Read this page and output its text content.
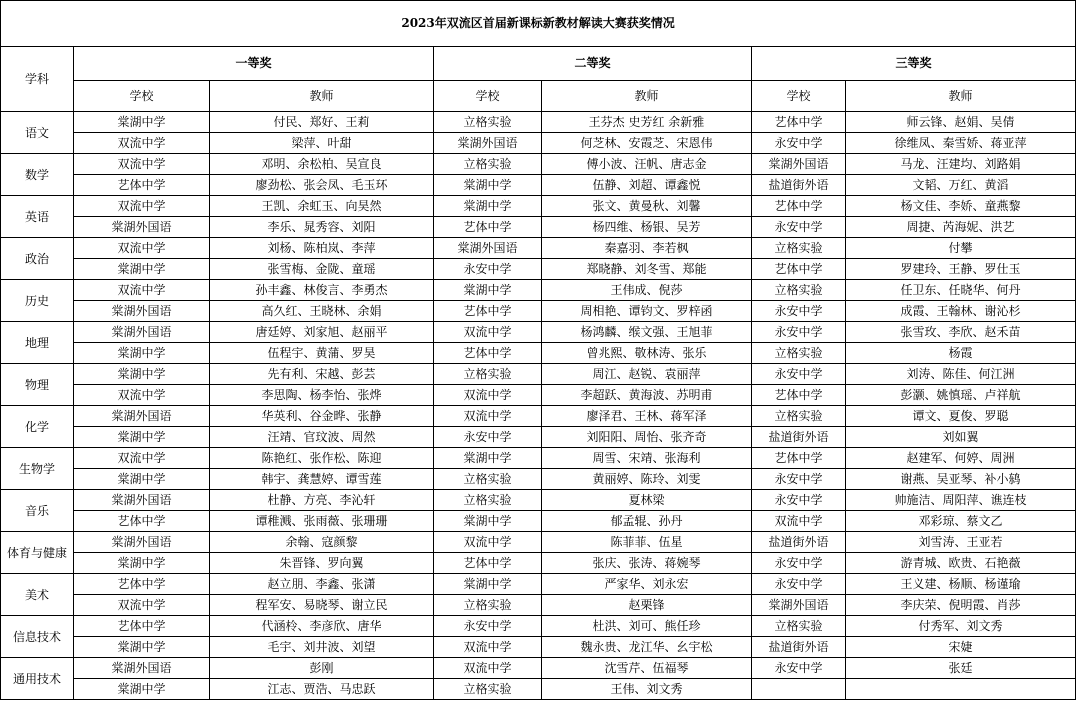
2023年双流区首届新课标新教材解读大赛获奖情况						
学科	一等奖		二等奖		三等奖	
	学校	教师	学校	教师	学校	教师
语文	棠湖中学	付民、郑好、王莉	立格实验	王芬杰 史芳红 余新雅	艺体中学	师云锋、赵娟、吴倩
	双流中学	梁萍、叶甜	棠湖外国语	何芝林、安霞芝、宋恩伟	永安中学	徐维凤、秦雪娇、蒋亚萍
数学	双流中学	邓明、余松柏、吴宣良	立格实验	傅小波、汪帆、唐志金	棠湖外国语	马龙、汪建均、刘路娟
	艺体中学	廖劲松、张会凤、毛玉环	棠湖中学	伍静、刘超、谭鑫悦	盐道街外语	文韬、万红、黄滔
英语	双流中学	王凯、余虹玉、向昊然	棠湖中学	张文、黄曼秋、刘馨	艺体中学	杨文佳、李娇、童燕黎
	棠湖外国语	李乐、晁秀容、刘阳	艺体中学	杨四维、杨银、吴芳	永安中学	周捷、芮海妮、洪艺
政治	双流中学	刘杨、陈柏岚、李萍	棠湖外国语	秦嘉羽、李若枫	立格实验	付攀
	棠湖中学	张雪梅、金陇、童瑶	永安中学	郑晓静、刘冬雪、郑能	艺体中学	罗建玲、王静、罗仕玉
历史	双流中学	孙丰鑫、林俊言、李勇杰	棠湖中学	王伟成、倪莎	立格实验	任卫东、任晓华、何丹
	棠湖外国语	高久红、王晓林、余娟	艺体中学	周相艳、谭钧文、罗梓函	永安中学	成霞、王翰林、谢沁杉
地理	棠湖外国语	唐廷婷、刘家旭、赵丽平	双流中学	杨鸿麟、缑文强、王旭菲	永安中学	张雪玫、李欣、赵禾苗
	棠湖中学	伍程宇、黄蒲、罗昊	艺体中学	曾兆熙、敬林涛、张乐	立格实验	杨霞
物理	棠湖中学	先有利、宋越、彭芸	立格实验	周江、赵锐、袁丽萍	永安中学	刘涛、陈佳、何江洲
	双流中学	李思陶、杨李怡、张烨	双流中学	李超跃、黄海波、苏明甫	艺体中学	彭灏、姚慎瑶、卢祥航
化学	棠湖外国语	华英利、谷金晔、张静	双流中学	廖泽君、王林、蒋军泽	立格实验	谭文、夏俊、罗聪
	棠湖中学	汪靖、官玟波、周然	永安中学	刘阳阳、周怡、张齐奇	盐道街外语	刘如翼
生物学	双流中学	陈艳红、张作松、陈迎	棠湖中学	周雪、宋靖、张海利	艺体中学	赵建军、何婷、周洲
	棠湖中学	韩宇、龚慧婷、谭雪莲	立格实验	黄丽婷、陈玲、刘雯	永安中学	谢燕、吴亚琴、补小鸫
音乐	棠湖外国语	杜静、方亮、李沁轩	立格实验	夏林梁	永安中学	帅施洁、周阳萍、谯连枝
	艺体中学	谭稚溅、张雨薇、张珊珊	棠湖中学	郁孟辊、孙丹	双流中学	邓彩琼、蔡文乙
体育与健康	棠湖外国语	余翰、寇颜黎	双流中学	陈菲菲、伍星	盐道街外语	刘雪涛、王亚若
	棠湖中学	朱晋锋、罗向翼	艺体中学	张庆、张涛、蒋婉琴	永安中学	游青城、欧贵、石艳薇
美术	艺体中学	赵立朋、李鑫、张潇	棠湖中学	严家华、刘永宏	永安中学	王义建、杨顺、杨谨瑜
	双流中学	程军安、易晓琴、谢立民	立格实验	赵栗锋	棠湖外国语	李庆荣、倪明霞、肖莎
信息技术	艺体中学	代涵柃、李彦欣、唐华	永安中学	杜洪、刘可、熊任珍	立格实验	付秀军、刘文秀
	棠湖中学	毛宇、刘井波、刘望	双流中学	魏永贵、龙江华、幺宇松	盐道街外语	宋婕
通用技术	棠湖外国语	彭刚	双流中学	沈雪芹、伍福琴	永安中学	张廷
	棠湖中学	江志、贾浩、马忠跃	立格实验	王伟、刘文秀		
